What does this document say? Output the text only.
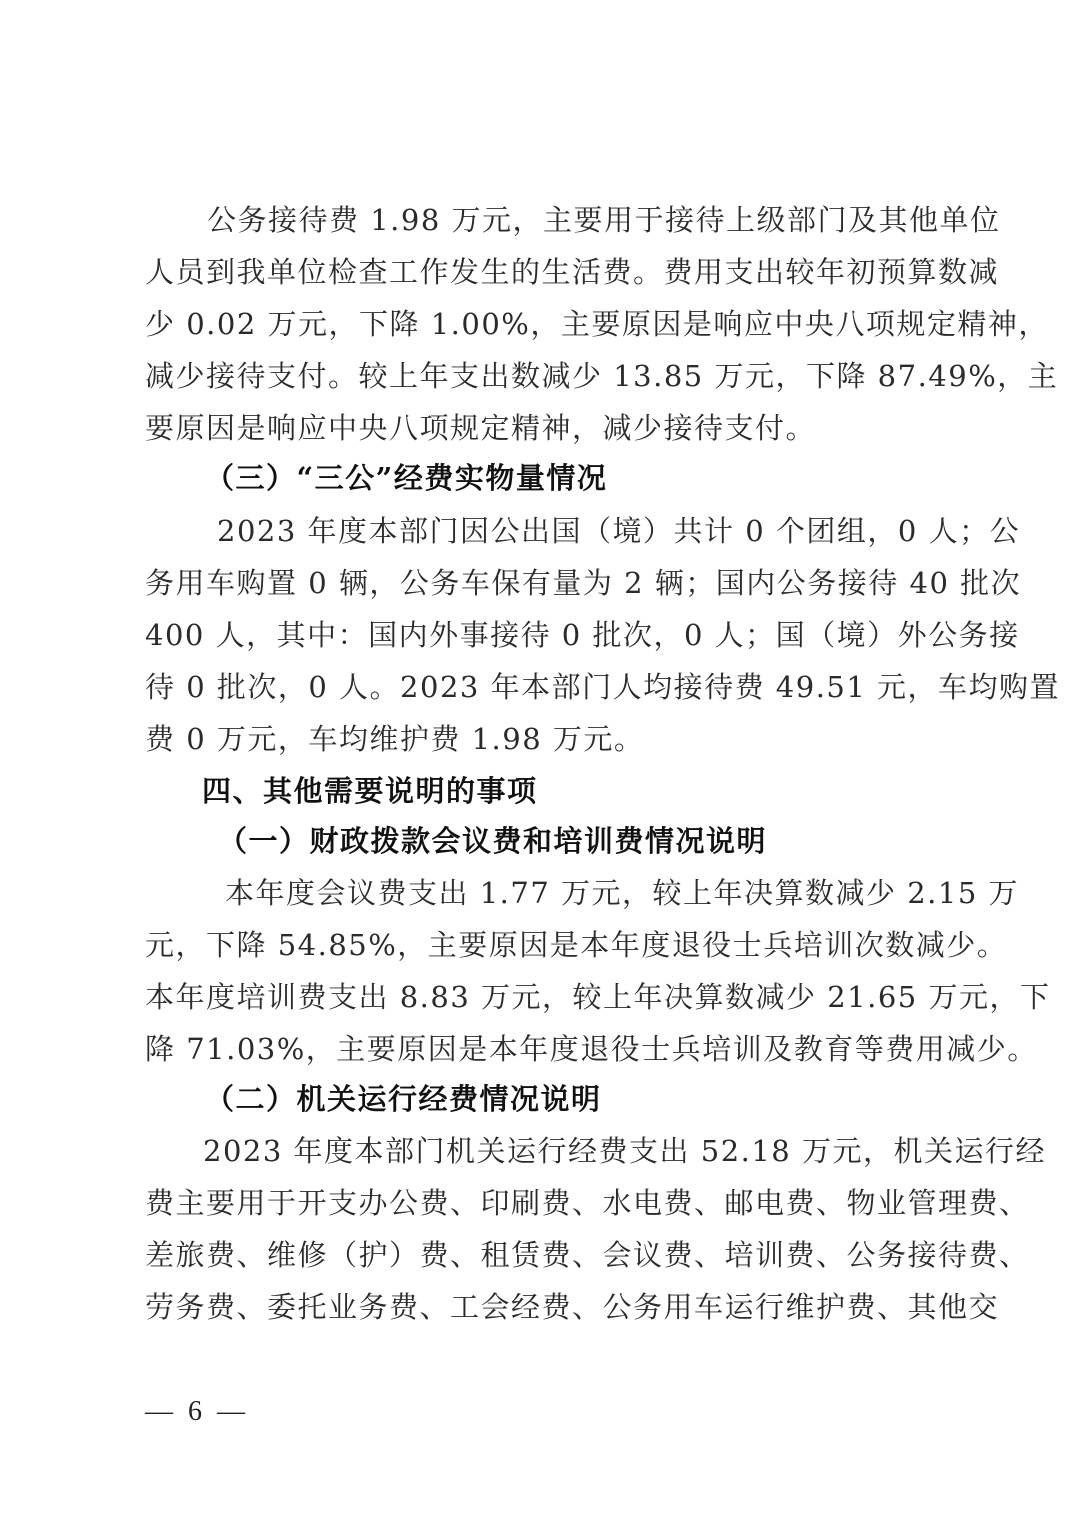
公务接待费 1.98 万元，主要用于接待上级部门及其他单位
人员到我单位检查工作发生的生活费。费用支出较年初预算数减
少 0.02 万元，下降 1.00%，主要原因是响应中央八项规定精神，
减少接待支付。较上年支出数减少 13.85 万元，下降 87.49%，主
要原因是响应中央八项规定精神，减少接待支付。
（三）“三公”经费实物量情况
2023 年度本部门因公出国（境）共计 0 个团组，0 人；公
务用车购置 0 辆，公务车保有量为 2 辆；国内公务接待 40 批次
400 人，其中：国内外事接待 0 批次，0 人；国（境）外公务接
待 0 批次，0 人。2023 年本部门人均接待费 49.51 元，车均购置
费 0 万元，车均维护费 1.98 万元。
四、其他需要说明的事项
（一）财政拨款会议费和培训费情况说明
本年度会议费支出 1.77 万元，较上年决算数减少 2.15 万
元，下降 54.85%，主要原因是本年度退役士兵培训次数减少。
本年度培训费支出 8.83 万元，较上年决算数减少 21.65 万元，下
降 71.03%，主要原因是本年度退役士兵培训及教育等费用减少。
（二）机关运行经费情况说明
2023 年度本部门机关运行经费支出 52.18 万元，机关运行经
费主要用于开支办公费、印刷费、水电费、邮电费、物业管理费、
差旅费、维修（护）费、租赁费、会议费、培训费、公务接待费、
劳务费、委托业务费、工会经费、公务用车运行维护费、其他交
— 6 —
